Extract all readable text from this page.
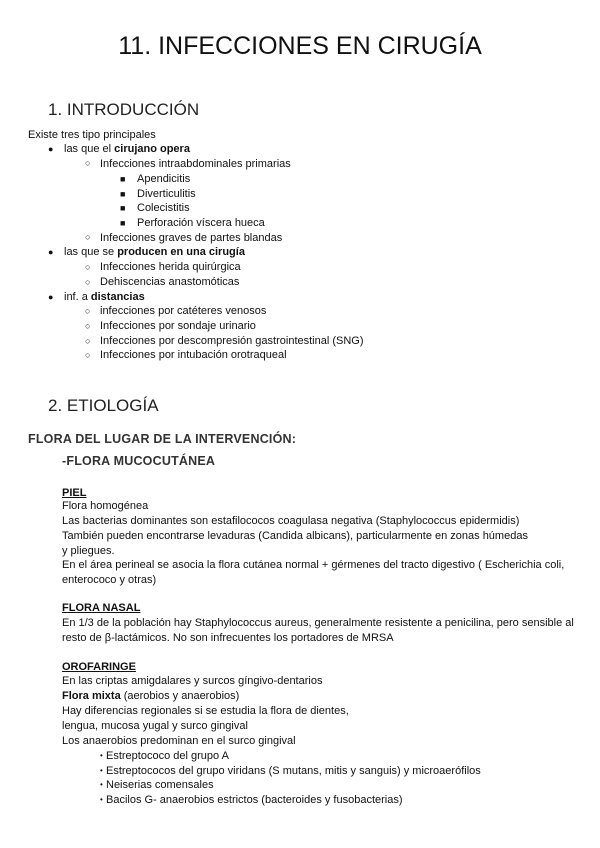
11. INFECCIONES EN CIRUGÍA
1. INTRODUCCIÓN
Existe tres tipo principales
● las que el cirujano opera
○ Infecciones intraabdominales primarias
■ Apendicitis
■ Diverticulitis
■ Colecistitis
■ Perforación víscera hueca
○ Infecciones graves de partes blandas
● las que se producen en una cirugía
○ Infecciones herida quirúrgica
○ Dehiscencias anastomóticas
● inf. a distancias
○ infecciones por catéteres venosos
○ Infecciones por sondaje urinario
○ Infecciones por descompresión gastrointestinal (SNG)
○ Infecciones por intubación orotraqueal
2. ETIOLOGÍA
FLORA DEL LUGAR DE LA INTERVENCIÓN:
-FLORA MUCOCUTÁNEA
PIEL
Flora homogénea
Las bacterias dominantes son estafilococos coagulasa negativa (Staphylococcus epidermidis)
También pueden encontrarse levaduras (Candida albicans), particularmente en zonas húmedas y pliegues.
En el área perineal se asocia la flora cutánea normal + gérmenes del tracto digestivo ( Escherichia coli, enterococo y otras)
FLORA NASAL
En 1/3 de la población hay Staphylococcus aureus, generalmente resistente a penicilina, pero sensible al resto de β-lactámicos. No son infrecuentes los portadores de MRSA
OROFARINGE
En las criptas amigdalares y surcos gíngivo-dentarios
Flora mixta (aerobios y anaerobios)
Hay diferencias regionales si se estudia la flora de dientes,
lengua, mucosa yugal y surco gingival
Los anaerobios predominan en el surco gingival
• Estreptococo del grupo A
• Estreptococos del grupo viridans (S mutans, mitis y sanguis) y microaerófilos
• Neiserias comensales
• Bacilos G- anaerobios estrictos (bacteroides y fusobacterias)
